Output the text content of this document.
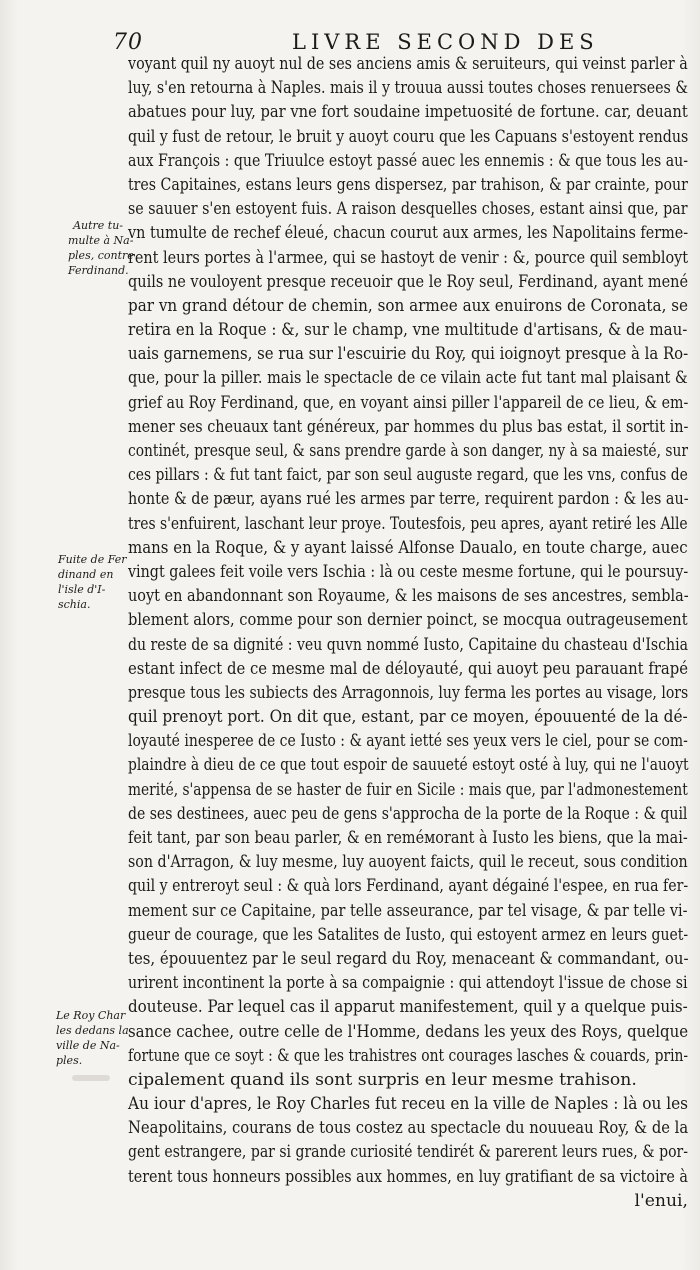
70	LIVRE SECOND DES
Autre tu-
multe à Na-
ples, contre
Ferdinand.
Fuite de Fer
dinand en
l'isle d'I-
schia.
Le Roy Char
les dedans la
ville de Na-
ples.
voyant quil ny auoyt nul de ses anciens amis & seruiteurs, qui veinst parler à
luy, s'en retourna à Naples. mais il y trouua aussi toutes choses renuersees &
abatues pour luy, par vne fort soudaine impetuosité de fortune. car, deuant
quil y fust de retour, le bruit y auoyt couru que les Capuans s'estoyent rendus
aux François : que Triuulce estoyt passé auec les ennemis : & que tous les au-
tres Capitaines, estans leurs gens dispersez, par trahison, & par crainte, pour
se sauuer s'en estoyent fuis. A raison desquelles choses, estant ainsi que, par
vn tumulte de rechef éleué, chacun courut aux armes, les Napolitains ferme-
rent leurs portes à l'armee, qui se hastoyt de venir : &, pource quil sembloyt
quils ne vouloyent presque receuoir que le Roy seul, Ferdinand, ayant mené
par vn grand détour de chemin, son armee aux enuirons de Coronata, se
retira en la Roque : &, sur le champ, vne multitude d'artisans, & de mau-
uais garnemens, se rua sur l'escuirie du Roy, qui ioignoyt presque à la Ro-
que, pour la piller. mais le spectacle de ce vilain acte fut tant mal plaisant &
grief au Roy Ferdinand, que, en voyant ainsi piller l'appareil de ce lieu, & em-
mener ses cheuaux tant généreux, par hommes du plus bas estat, il sortit in-
continét, presque seul, & sans prendre garde à son danger, ny à sa maiesté, sur
ces pillars : & fut tant faict, par son seul auguste regard, que les vns, confus de
honte & de pæur, ayans rué les armes par terre, requirent pardon : & les au-
tres s'enfuirent, laschant leur proye. Toutesfois, peu apres, ayant retiré les Alle
mans en la Roque, & y ayant laissé Alfonse Daualo, en toute charge, auec
vingt galees feit voile vers Ischia : là ou ceste mesme fortune, qui le poursuy-
uoyt en abandonnant son Royaume, & les maisons de ses ancestres, sembla-
blement alors, comme pour son dernier poinct, se mocqua outrageusement
du reste de sa dignité : veu quvn nommé Iusto, Capitaine du chasteau d'Ischia
estant infect de ce mesme mal de déloyauté, qui auoyt peu parauant frapé
presque tous les subiects des Arragonnois, luy ferma les portes au visage, lors
quil prenoyt port. On dit que, estant, par ce moyen, épouuenté de la dé-
loyauté inesperee de ce Iusto : & ayant ietté ses yeux vers le ciel, pour se com-
plaindre à dieu de ce que tout espoir de sauueté estoyt osté à luy, qui ne l'auoyt
merité, s'appensa de se haster de fuir en Sicile : mais que, par l'admonestement
de ses destinees, auec peu de gens s'approcha de la porte de la Roque : & quil
feit tant, par son beau parler, & en reméмorant à Iusto les biens, que la mai-
son d'Arragon, & luy mesme, luy auoyent faicts, quil le receut, sous condition
quil y entreroyt seul : & quà lors Ferdinand, ayant dégainé l'espee, en rua fer-
mement sur ce Capitaine, par telle asseurance, par tel visage, & par telle vi-
gueur de courage, que les Satalites de Iusto, qui estoyent armez en leurs guet-
tes, épouuentez par le seul regard du Roy, menaceant & commandant, ou-
urirent incontinent la porte à sa compaignie : qui attendoyt l'issue de chose si
douteuse. Par lequel cas il apparut manifestement, quil y a quelque puis-
sance cachee, outre celle de l'Homme, dedans les yeux des Roys, quelque
fortune que ce soyt : & que les trahistres ont courages lasches & couards, prin-
cipalement quand ils sont surpris en leur mesme trahison.
Au iour d'apres, le Roy Charles fut receu en la ville de Naples : là ou les
Neapolitains, courans de tous costez au spectacle du nouueau Roy, & de la
gent estrangere, par si grande curiosité tendirét & parerent leurs rues, & por-
terent tous honneurs possibles aux hommes, en luy gratifiant de sa victoire à
l'enui,
